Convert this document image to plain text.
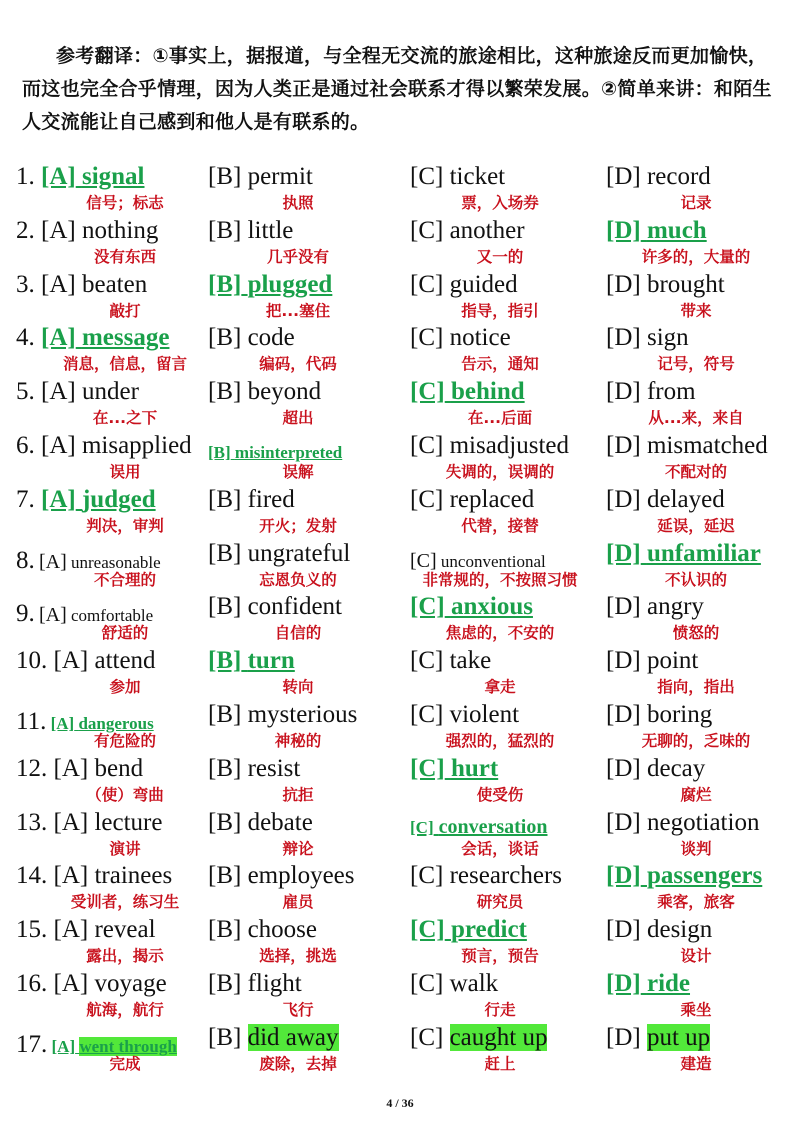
参考翻译：①事实上，据报道，与全程无交流的旅途相比，这种旅途反而更加愉快，而这也完全合乎情理，因为人类正是通过社会联系才得以繁荣发展。②简单来讲：和陌生人交流能让自己感到和他人是有联系的。

1. [A] signal
信号；标志
[B] permit
执照
[C] ticket
票，入场券
[D] record
记录
2. [A] nothing
没有东西
[B] little
几乎没有
[C] another
又一的
[D] much
许多的，大量的
3. [A] beaten
敲打
[B] plugged
把...塞住
[C] guided
指导，指引
[D] brought
带来
4. [A] message
消息，信息，留言
[B] code
编码，代码
[C] notice
告示，通知
[D] sign
记号，符号
5. [A] under
在...之下
[B] beyond
超出
[C] behind
在...后面
[D] from
从...来，来自
6. [A] misapplied
误用
[B] misinterpreted
误解
[C] misadjusted
失调的，误调的
[D] mismatched
不配对的
7. [A] judged
判决，审判
[B] fired
开火；发射
[C] replaced
代替，接替
[D] delayed
延误，延迟
8. [A] unreasonable
不合理的
[B] ungrateful
忘恩负义的
[C] unconventional
非常规的，不按照习惯
[D] unfamiliar
不认识的
9. [A] comfortable
舒适的
[B] confident
自信的
[C] anxious
焦虑的，不安的
[D] angry
愤怒的
10. [A] attend
参加
[B] turn
转向
[C] take
拿走
[D] point
指向，指出
11. [A] dangerous
有危险的
[B] mysterious
神秘的
[C] violent
强烈的，猛烈的
[D] boring
无聊的，乏味的
12. [A] bend
（使）弯曲
[B] resist
抗拒
[C] hurt
使受伤
[D] decay
腐烂
13. [A] lecture
演讲
[B] debate
辩论
[C] conversation
会话，谈话
[D] negotiation
谈判
14. [A] trainees
受训者，练习生
[B] employees
雇员
[C] researchers
研究员
[D] passengers
乘客，旅客
15. [A] reveal
露出，揭示
[B] choose
选择，挑选
[C] predict
预言，预告
[D] design
设计
16. [A] voyage
航海，航行
[B] flight
飞行
[C] walk
行走
[D] ride
乘坐
17. [A] went through
完成
[B] did away
废除，去掉
[C] caught up
赶上
[D] put up
建造
4 / 36
